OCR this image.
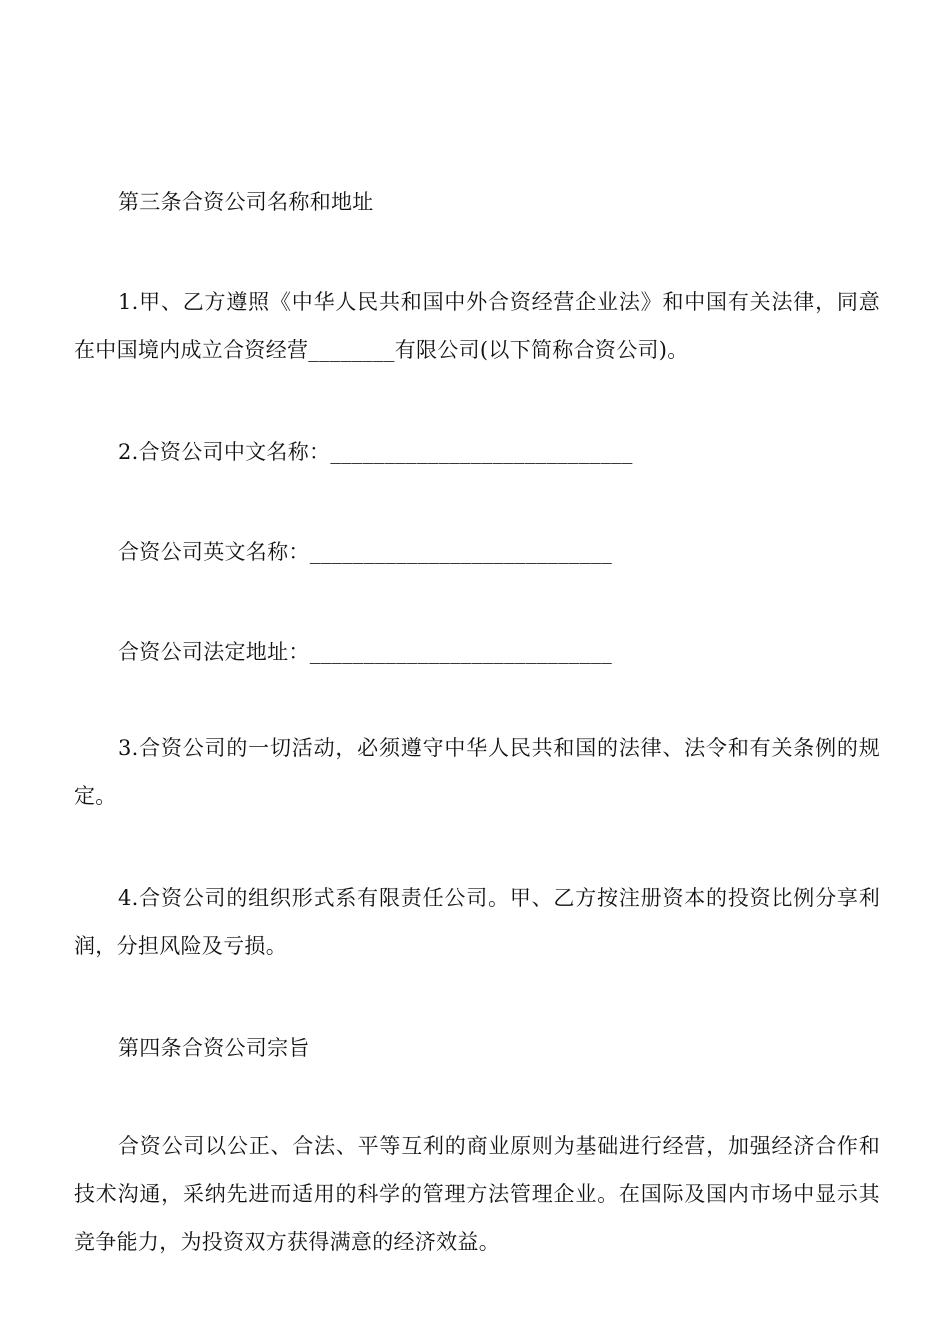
第三条合资公司名称和地址

1.甲、乙方遵照《中华人民共和国中外合资经营企业法》和中国有关法律，同意在中国境内成立合资经营________有限公司(以下简称合资公司)。

2.合资公司中文名称：____________________________

合资公司英文名称：____________________________

合资公司法定地址：____________________________

3.合资公司的一切活动，必须遵守中华人民共和国的法律、法令和有关条例的规定。

4.合资公司的组织形式系有限责任公司。甲、乙方按注册资本的投资比例分享利润，分担风险及亏损。

第四条合资公司宗旨

合资公司以公正、合法、平等互利的商业原则为基础进行经营，加强经济合作和技术沟通，采纳先进而适用的科学的管理方法管理企业。在国际及国内市场中显示其竞争能力，为投资双方获得满意的经济效益。
